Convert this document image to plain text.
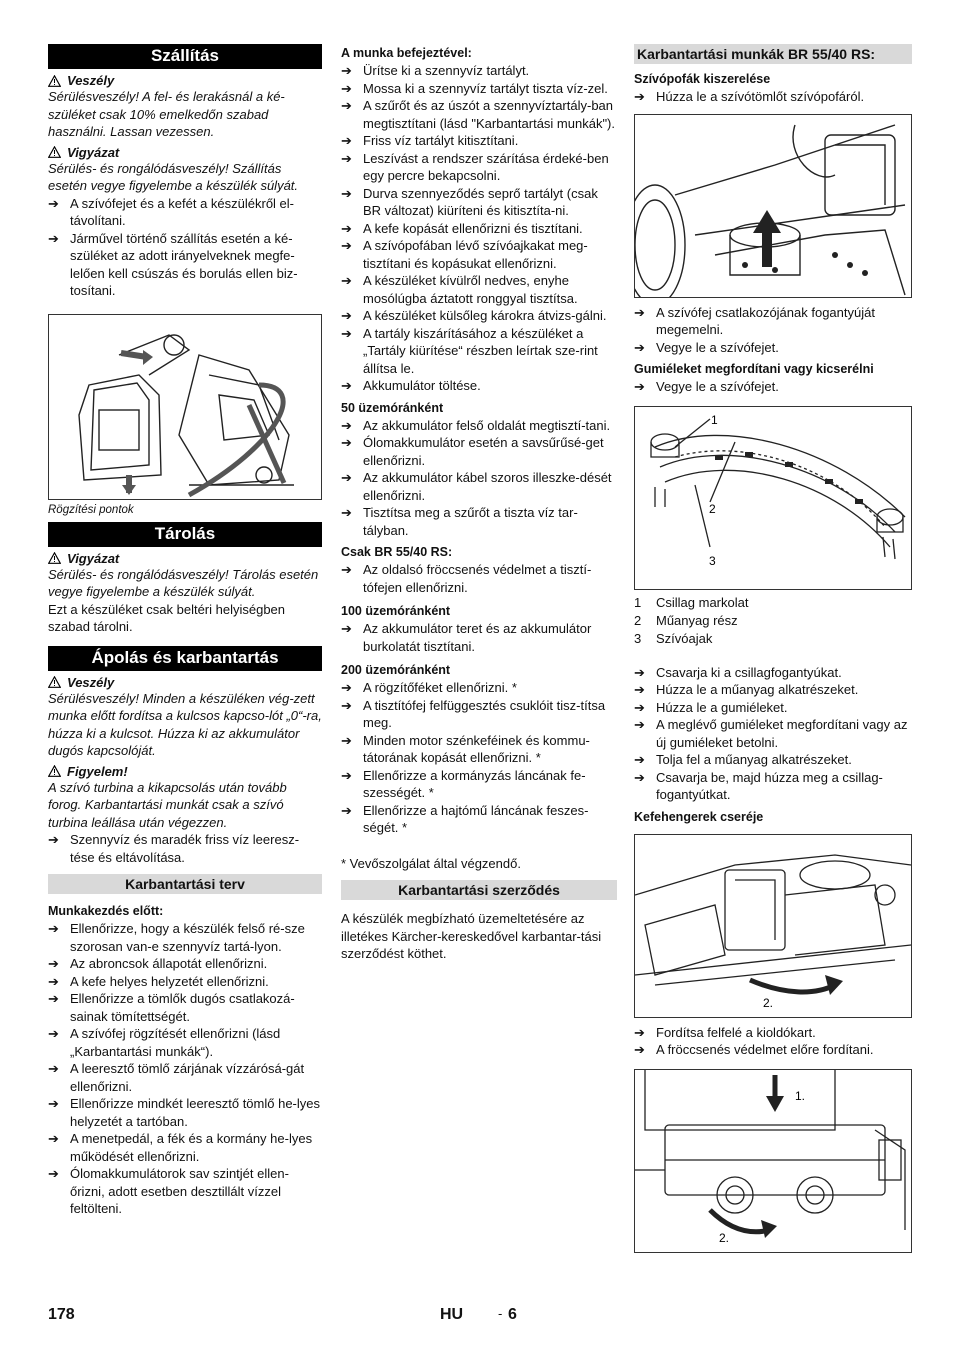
Szállítás
Veszély

Sérülésveszély! A fel- és lerakásnál a ké-szüléket csak 10% emelkedőn szabad használni. Lassan vezessen.

Vigyázat

Sérülés- és rongálódásveszély! Szállítás esetén vegye figyelembe a készülék súlyát.

➔ A szívófejet és a kefét a készülékről el-távolítani.
➔ Járművel történő szállítás esetén a ké-szüléket az adott irányelveknek megfe-lelően kell csúszás és borulás ellen biz-tosítani.
Rögzítési pontok
Tárolás
Vigyázat

Sérülés- és rongálódásveszély! Tárolás esetén vegye figyelembe a készülék súlyát.

Ezt a készüléket csak beltéri helyiségben szabad tárolni.

Ápolás és karbantartás
Veszély

Sérülésveszély! Minden a készüléken vég-zett munka előtt fordítsa a kulcsos kapcso-lót „0“-ra, húzza ki a kulcsot. Húzza ki az akkumulátor dugós kapcsolóját.

Figyelem!

A szívó turbina a kikapcsolás után tovább forog. Karbantartási munkát csak a szívó turbina leállása után végezzen.

➔ Szennyvíz és maradék friss víz leeresz-tése és eltávolítása.
Karbantartási terv
Munkakezdés előtt:
➔ Ellenőrizze, hogy a készülék felső ré-sze szorosan van-e szennyvíz tartá-lyon.
➔ Az abroncsok állapotát ellenőrizni.
➔ A kefe helyes helyzetét ellenőrizni.
➔ Ellenőrizze a tömlők dugós csatlakozá-sainak tömítettségét.
➔ A szívófej rögzítését ellenőrizni (lásd „Karbantartási munkák“).
➔ A leeresztő tömlő zárjának vízzárósá-gát ellenőrizni.
➔ Ellenőrizze mindkét leeresztő tömlő he-lyes helyzetét a tartóban.
➔ A menetpedál, a fék és a kormány he-lyes működését ellenőrizni.
➔ Ólomakkumulátorok sav szintjét ellen-őrizni, adott esetben desztillált vízzel feltölteni.
A munka befejeztével:
➔ Ürítse ki a szennyvíz tartályt.
➔ Mossa ki a szennyvíz tartályt tiszta víz-zel.
➔ A szűrőt és az úszót a szennyvíztartály-ban megtisztítani (lásd "Karbantartási munkák").
➔ Friss víz tartályt kitisztítani.
➔ Leszívást a rendszer szárítása érdeké-ben egy percre bekapcsolni.
➔ Durva szennyeződés seprő tartályt (csak BR változat) kiüríteni és kitisztíta-ni.
➔ A kefe kopását ellenőrizni és tisztítani.
➔ A szívópofában lévő szívóajkakat meg-tisztítani és kopásukat ellenőrizni.
➔ A készüléket kívülről nedves, enyhe mosólúgba áztatott ronggyal tisztítsa.
➔ A készüléket külsőleg károkra átvizs-gálni.
➔ A tartály kiszárításához a készüléket a „Tartály kiürítése“ részben leírtak sze-rint állítsa le.
➔ Akkumulátor töltése.
50 üzemóránként
➔ Az akkumulátor felső oldalát megtisztí-tani.
➔ Ólomakkumulátor esetén a savsűrűsé-get ellenőrizni.
➔ Az akkumulátor kábel szoros illeszke-dését ellenőrizni.
➔ Tisztítsa meg a szűrőt a tiszta víz tar-tályban.
Csak BR 55/40 RS:
➔ Az oldalsó fröccsenés védelmet a tisztí-tófejen ellenőrizni.
100 üzemóránként
➔ Az akkumulátor teret és az akkumulátor burkolatát tisztítani.
200 üzemóránként
➔ A rögzítőféket ellenőrizni. *
➔ A tisztítófej felfüggesztés csuklóit tisz-títsa meg.
➔ Minden motor szénkeféinek és kommu-tátorának kopását ellenőrizni. *
➔ Ellenőrizze a kormányzás láncának fe-szességét. *
➔ Ellenőrizze a hajtómű láncának feszes-ségét. *

* Vevőszolgálat által végzendő.

Karbantartási szerződés

A készülék megbízható üzemeltetésére az illetékes Kärcher-kereskedővel karbantar-tási szerződést köthet.

Karbantartási munkák BR 55/40 RS:
Szívópofák kiszerelése
➔ Húzza le a szívótömlőt szívópofáról.
➔ A szívófej csatlakozójának fogantyúját megemelni.
➔ Vegye le a szívófejet.
Gumiéleket megfordítani vagy kicserélni
➔ Vegye le a szívófejet.
1
2
3
1	Csillag markolat
2	Műanyag rész
3	Szívóajak
➔ Csavarja ki a csillagfogantyúkat.
➔ Húzza le a műanyag alkatrészeket.
➔ Húzza le a gumiéleket.
➔ A meglévő gumiéleket megfordítani vagy az új gumiéleket betolni.
➔ Tolja fel a műanyag alkatrészeket.
➔ Csavarja be, majd húzza meg a csillag-fogantyútkat.
Kefehengerek cseréje
2.
➔ Fordítsa felfelé a kioldókart.
➔ A fröccsenés védelmet előre fordítani.
1.
2.
178	HU	- 6
